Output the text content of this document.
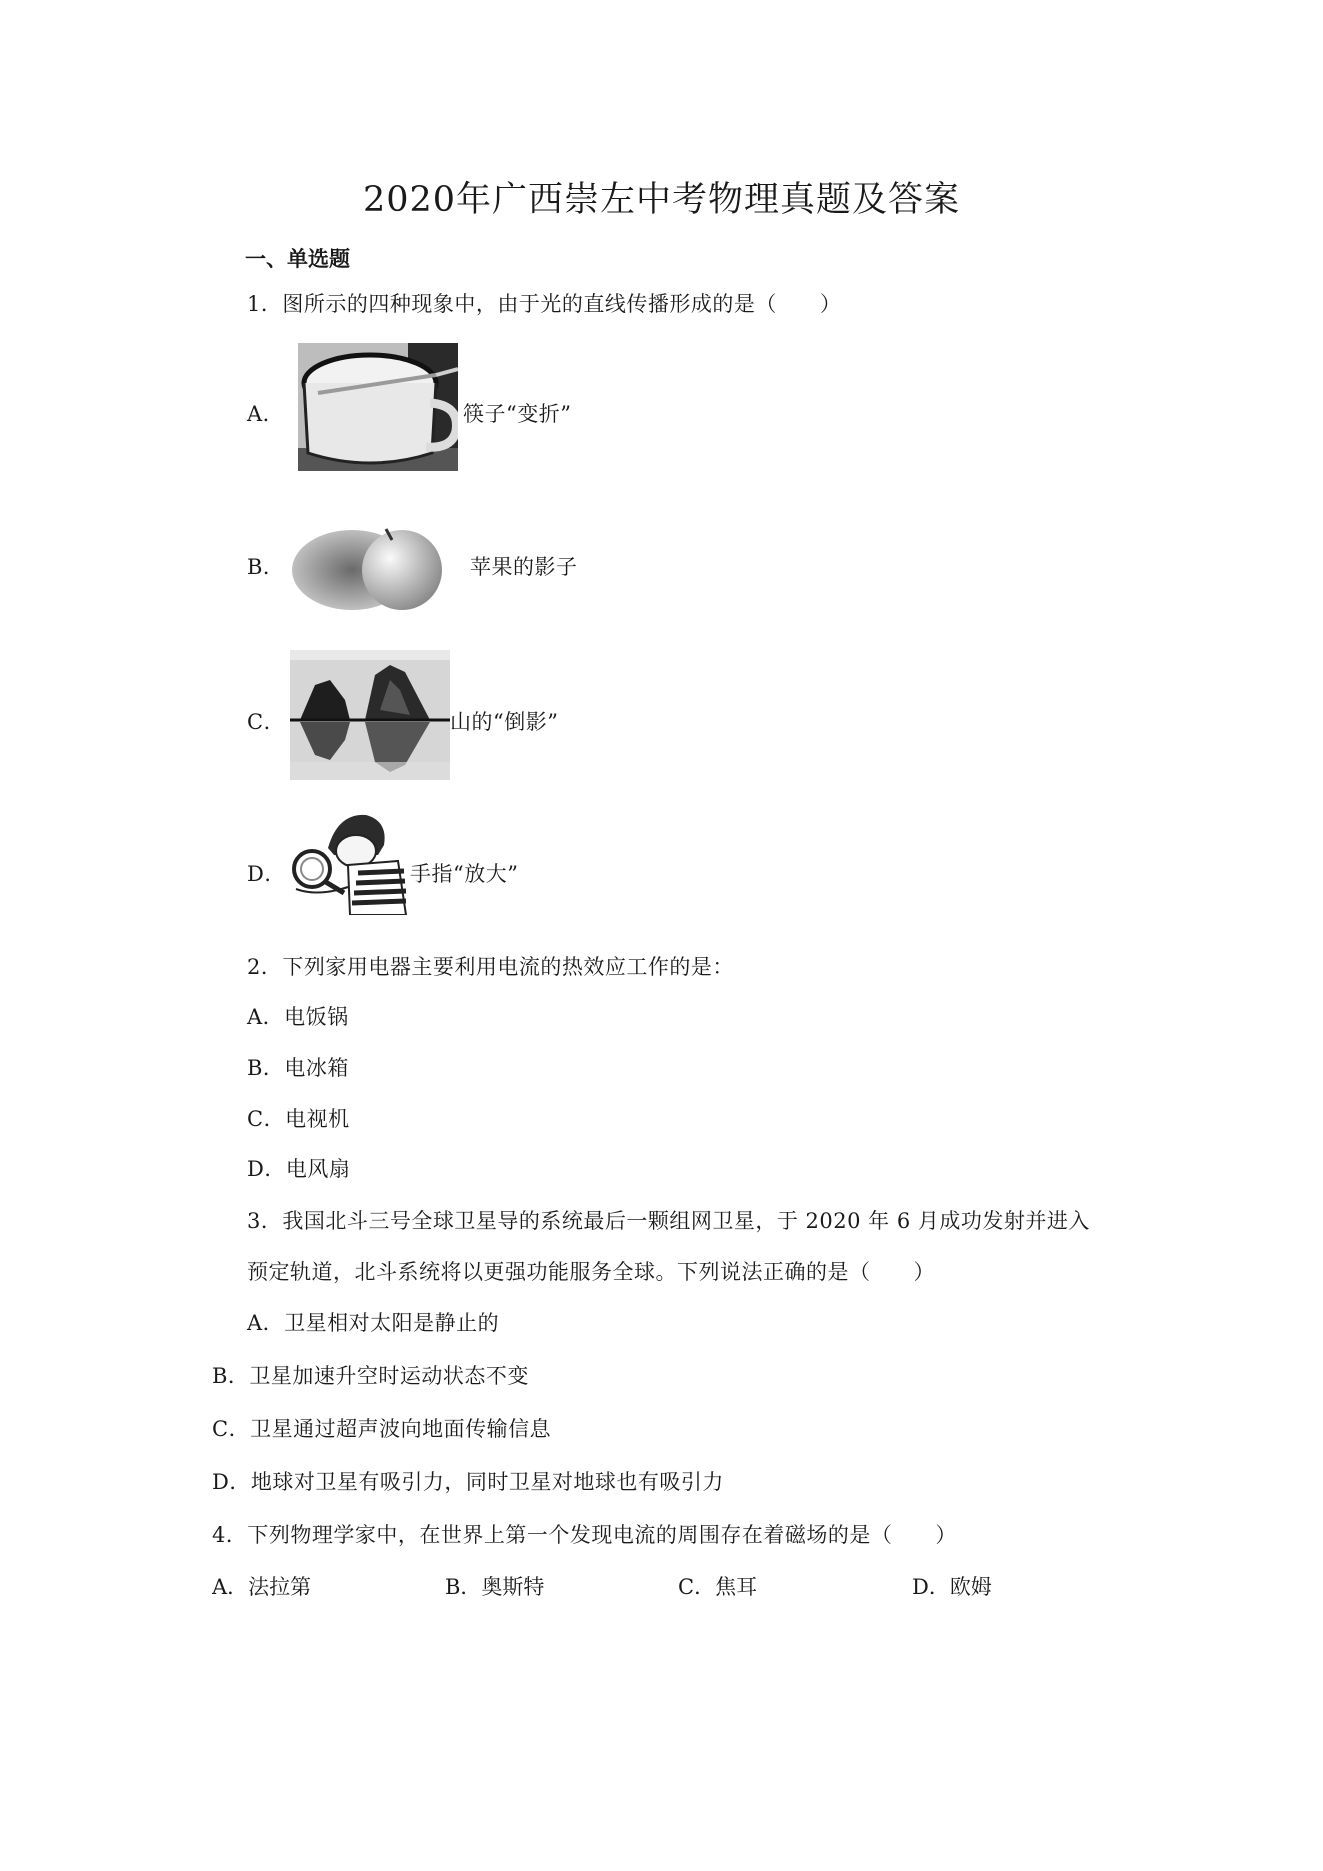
2020年广西崇左中考物理真题及答案
一、单选题
1．图所示的四种现象中，由于光的直线传播形成的是（　　）
A．	筷子“变折”
B．	苹果的影子
C．	山的“倒影”
D．	手指“放大”
2．下列家用电器主要利用电流的热效应工作的是：
A．电饭锅
B．电冰箱
C．电视机
D．电风扇
3．我国北斗三号全球卫星导的系统最后一颗组网卫星，于 2020 年 6 月成功发射并进入
预定轨道，北斗系统将以更强功能服务全球。下列说法正确的是（　　）
A．卫星相对太阳是静止的
B．卫星加速升空时运动状态不变
C．卫星通过超声波向地面传输信息
D．地球对卫星有吸引力，同时卫星对地球也有吸引力
4．下列物理学家中，在世界上第一个发现电流的周围存在着磁场的是（　　）
A．法拉第	B．奥斯特	C．焦耳	D．欧姆
